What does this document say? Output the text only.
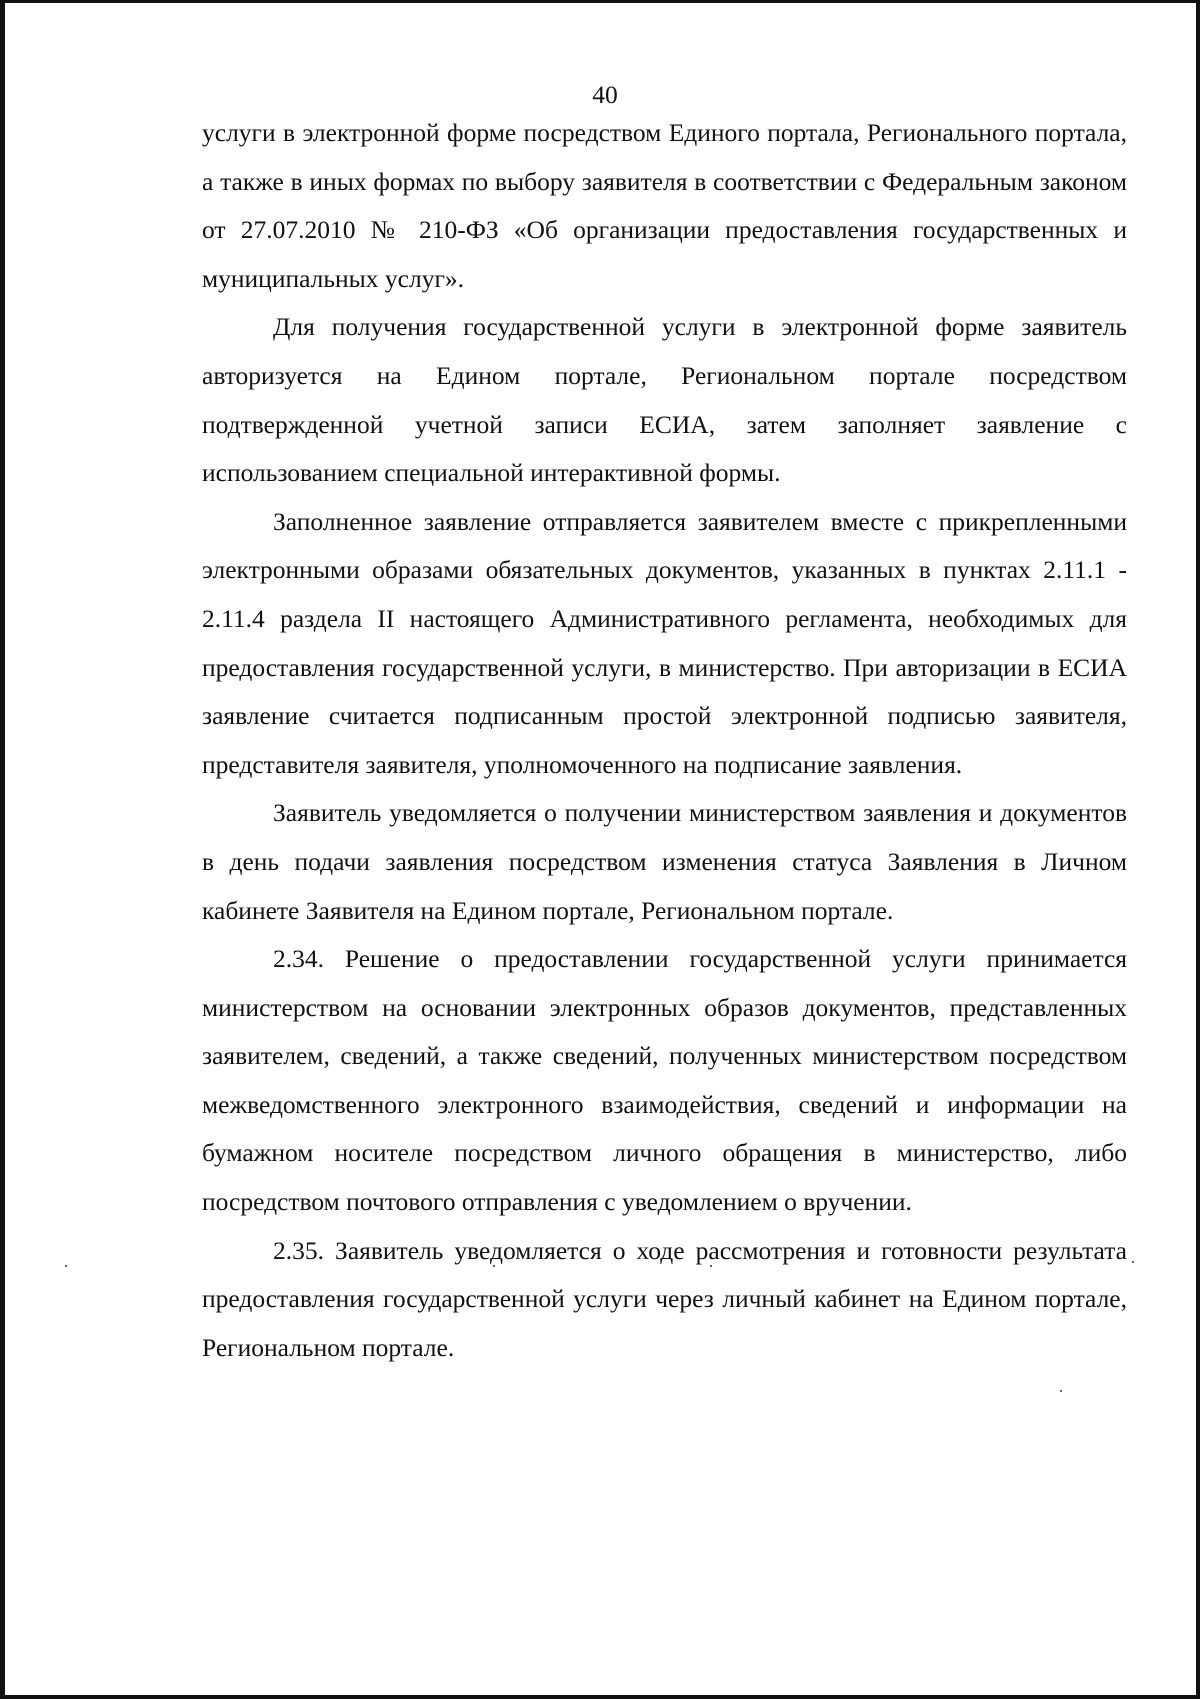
40

услуги в электронной форме посредством Единого портала, Регионального портала, а также в иных формах по выбору заявителя в соответствии с Федеральным законом от 27.07.2010 № 210-ФЗ «Об организации предоставления государственных и муниципальных услуг».

Для получения государственной услуги в электронной форме заявитель авторизуется на Едином портале, Региональном портале посредством подтвержденной учетной записи ЕСИА, затем заполняет заявление с использованием специальной интерактивной формы.

Заполненное заявление отправляется заявителем вместе с прикрепленными электронными образами обязательных документов, указанных в пунктах 2.11.1 - 2.11.4 раздела II настоящего Административного регламента, необходимых для предоставления государственной услуги, в министерство. При авторизации в ЕСИА заявление считается подписанным простой электронной подписью заявителя, представителя заявителя, уполномоченного на подписание заявления.

Заявитель уведомляется о получении министерством заявления и документов в день подачи заявления посредством изменения статуса Заявления в Личном кабинете Заявителя на Едином портале, Региональном портале.

2.34. Решение о предоставлении государственной услуги принимается министерством на основании электронных образов документов, представленных заявителем, сведений, а также сведений, полученных министерством посредством межведомственного электронного взаимодействия, сведений и информации на бумажном носителе посредством личного обращения в министерство, либо посредством почтового отправления с уведомлением о вручении.

2.35. Заявитель уведомляется о ходе рассмотрения и готовности результата предоставления государственной услуги через личный кабинет на Едином портале, Региональном портале.
